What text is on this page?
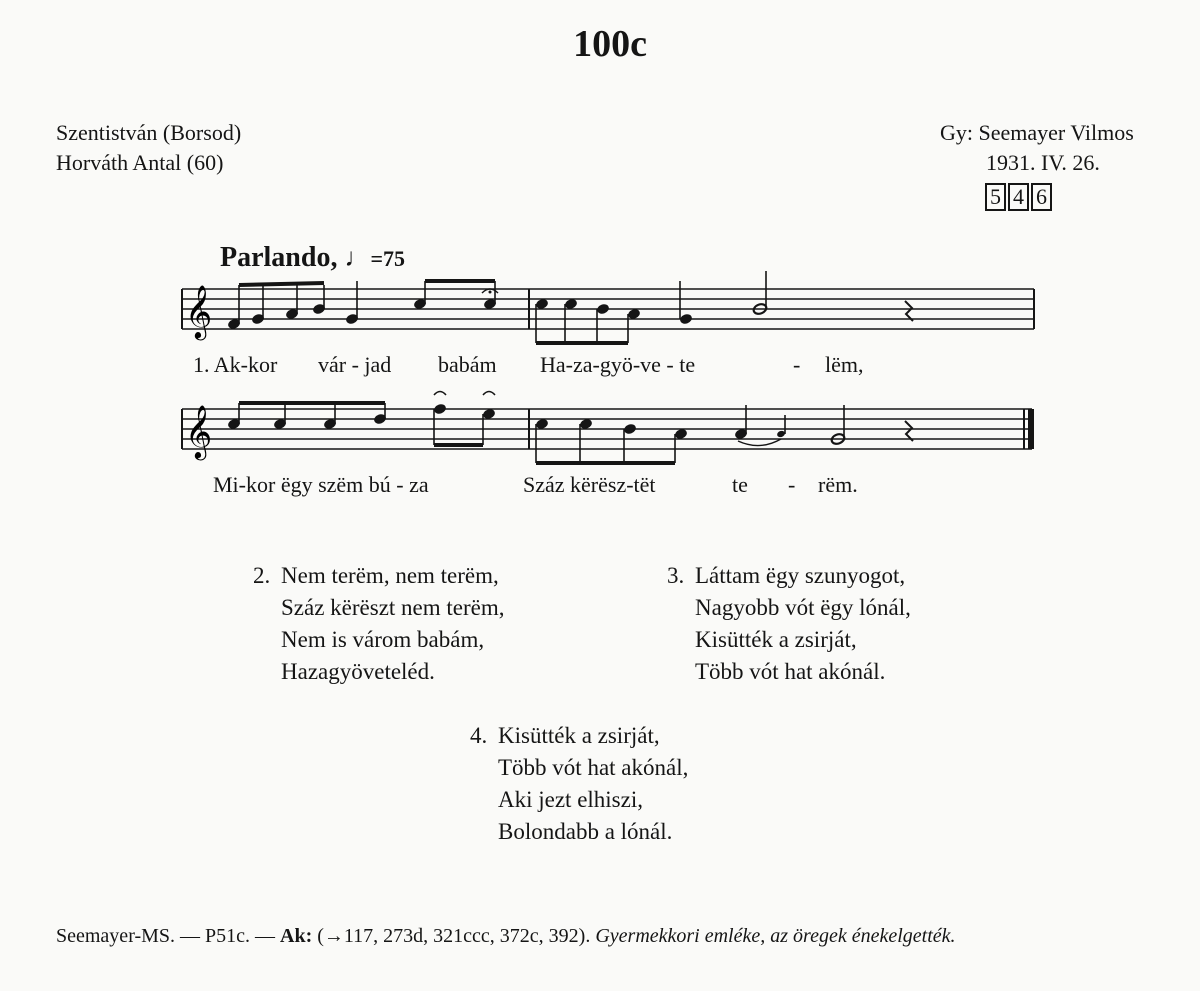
100c
Szentistván (Borsod)
Horváth Antal (60)
Gy: Seemayer Vilmos
1931. IV. 26.
5 4 6
Parlando, ♩=75
𝄞
1. Ak-kor vár - jad babám Ha-za-gyö-ve - te	- lëm,
𝄞
Mi-kor ëgy szëm bú - za	Száz kërësz-tët	te - rëm.
2. Nem terëm, nem terëm,
Száz kërëszt nem terëm,
Nem is várom babám,
Hazagyöveteléd.
3. Láttam ëgy szunyogot,
Nagyobb vót ëgy lónál,
Kisütték a zsirját,
Több vót hat akónál.
4. Kisütték a zsirját,
Több vót hat akónál,
Aki jezt elhiszi,
Bolondabb a lónál.
Seemayer-MS. — P51c. — Ak: (→117, 273d, 321ccc, 372c, 392). Gyermekkori emléke, az öregek énekelgették.
